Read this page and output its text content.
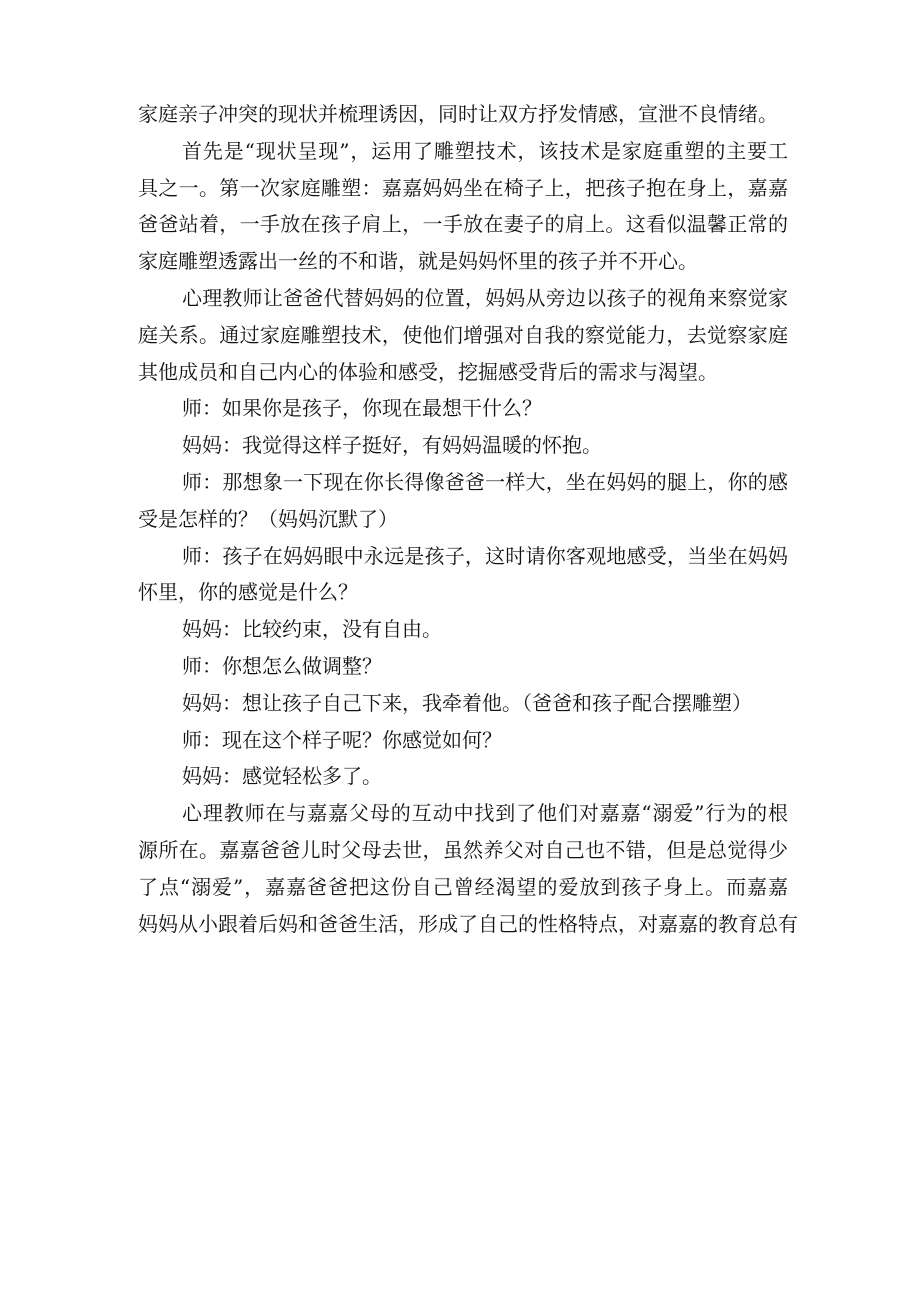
家庭亲子冲突的现状并梳理诱因，同时让双方抒发情感，宣泄不良情绪。
首先是“现状呈现”，运用了雕塑技术，该技术是家庭重塑的主要工
具之一。第一次家庭雕塑：嘉嘉妈妈坐在椅子上，把孩子抱在身上，嘉嘉
爸爸站着，一手放在孩子肩上，一手放在妻子的肩上。这看似温馨正常的
家庭雕塑透露出一丝的不和谐，就是妈妈怀里的孩子并不开心。
心理教师让爸爸代替妈妈的位置，妈妈从旁边以孩子的视角来察觉家
庭关系。通过家庭雕塑技术，使他们增强对自我的察觉能力，去觉察家庭
其他成员和自己内心的体验和感受，挖掘感受背后的需求与渴望。
师：如果你是孩子，你现在最想干什么？
妈妈：我觉得这样子挺好，有妈妈温暖的怀抱。
师：那想象一下现在你长得像爸爸一样大，坐在妈妈的腿上，你的感
受是怎样的？（妈妈沉默了）
师：孩子在妈妈眼中永远是孩子，这时请你客观地感受，当坐在妈妈
怀里，你的感觉是什么？
妈妈：比较约束，没有自由。
师：你想怎么做调整？
妈妈：想让孩子自己下来，我牵着他。（爸爸和孩子配合摆雕塑）
师：现在这个样子呢？你感觉如何？
妈妈：感觉轻松多了。
心理教师在与嘉嘉父母的互动中找到了他们对嘉嘉“溺爱”行为的根
源所在。嘉嘉爸爸儿时父母去世，虽然养父对自己也不错，但是总觉得少
了点“溺爱”，嘉嘉爸爸把这份自己曾经渴望的爱放到孩子身上。而嘉嘉
妈妈从小跟着后妈和爸爸生活，形成了自己的性格特点，对嘉嘉的教育总有
